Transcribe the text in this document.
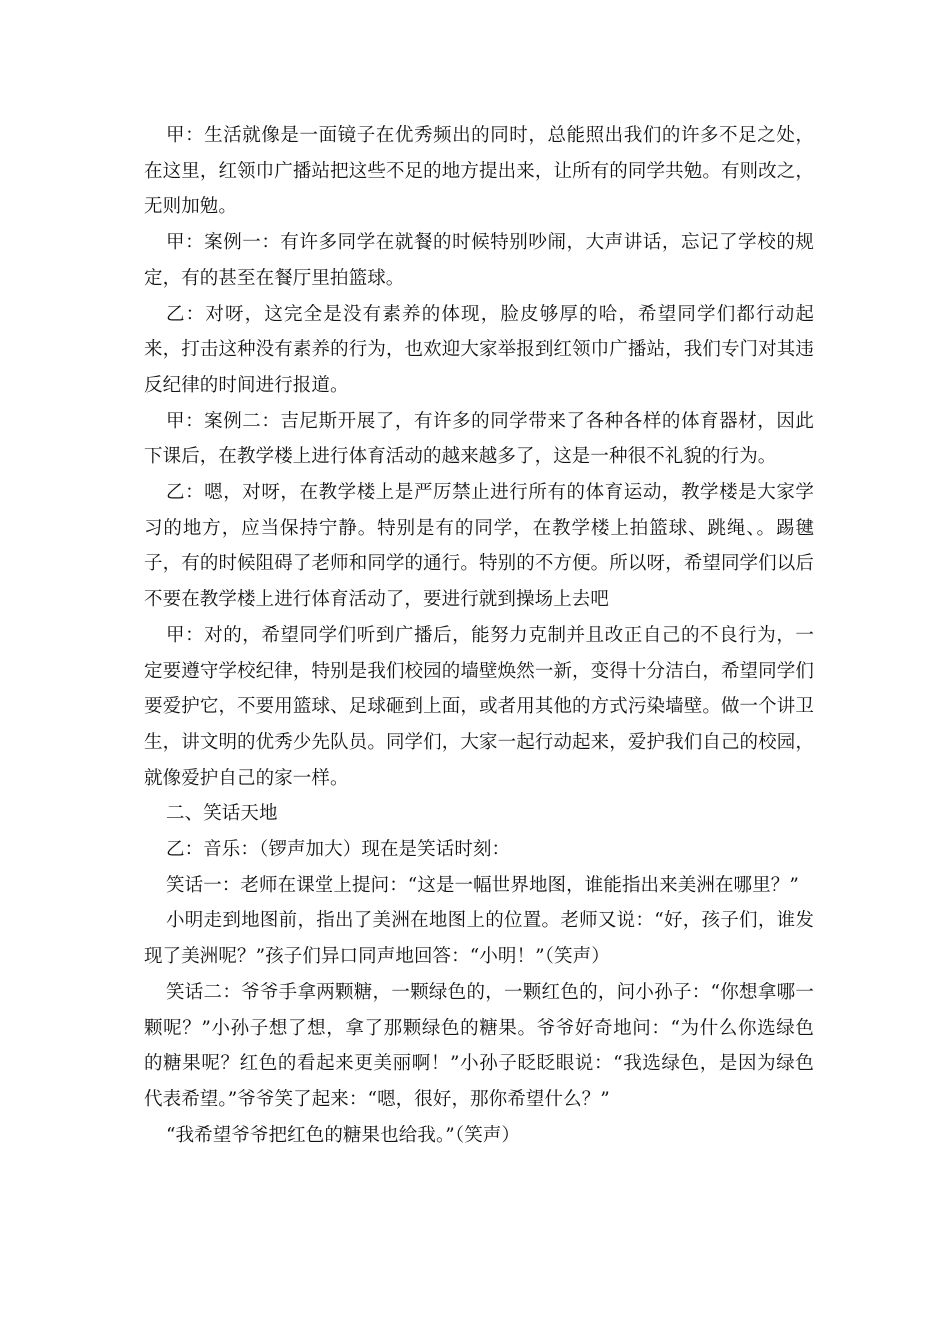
甲：生活就像是一面镜子在优秀频出的同时，总能照出我们的许多不足之处，在这里，红领巾广播站把这些不足的地方提出来，让所有的同学共勉。有则改之，无则加勉。

甲：案例一：有许多同学在就餐的时候特别吵闹，大声讲话，忘记了学校的规定，有的甚至在餐厅里拍篮球。

乙：对呀，这完全是没有素养的体现，脸皮够厚的哈，希望同学们都行动起来，打击这种没有素养的行为，也欢迎大家举报到红领巾广播站，我们专门对其违反纪律的时间进行报道。

甲：案例二：吉尼斯开展了，有许多的同学带来了各种各样的体育器材，因此下课后，在教学楼上进行体育活动的越来越多了，这是一种很不礼貌的行为。

乙：嗯，对呀，在教学楼上是严厉禁止进行所有的体育运动，教学楼是大家学习的地方，应当保持宁静。特别是有的同学，在教学楼上拍篮球、跳绳、。踢毽子，有的时候阻碍了老师和同学的通行。特别的不方便。所以呀，希望同学们以后不要在教学楼上进行体育活动了，要进行就到操场上去吧

甲：对的，希望同学们听到广播后，能努力克制并且改正自己的不良行为，一定要遵守学校纪律，特别是我们校园的墙壁焕然一新，变得十分洁白，希望同学们要爱护它，不要用篮球、足球砸到上面，或者用其他的方式污染墙壁。做一个讲卫生，讲文明的优秀少先队员。同学们，大家一起行动起来，爱护我们自己的校园，就像爱护自己的家一样。

二、笑话天地

乙：音乐：（锣声加大）现在是笑话时刻：

笑话一：老师在课堂上提问：“这是一幅世界地图，谁能指出来美洲在哪里？”

小明走到地图前，指出了美洲在地图上的位置。老师又说：“好，孩子们，谁发现了美洲呢？”孩子们异口同声地回答：“小明！”（笑声）

笑话二：爷爷手拿两颗糖，一颗绿色的，一颗红色的，问小孙子：“你想拿哪一颗呢？”小孙子想了想，拿了那颗绿色的糖果。爷爷好奇地问：“为什么你选绿色的糖果呢？红色的看起来更美丽啊！”小孙子眨眨眼说：“我选绿色，是因为绿色代表希望。”爷爷笑了起来：“嗯，很好，那你希望什么？”

“我希望爷爷把红色的糖果也给我。”（笑声）
